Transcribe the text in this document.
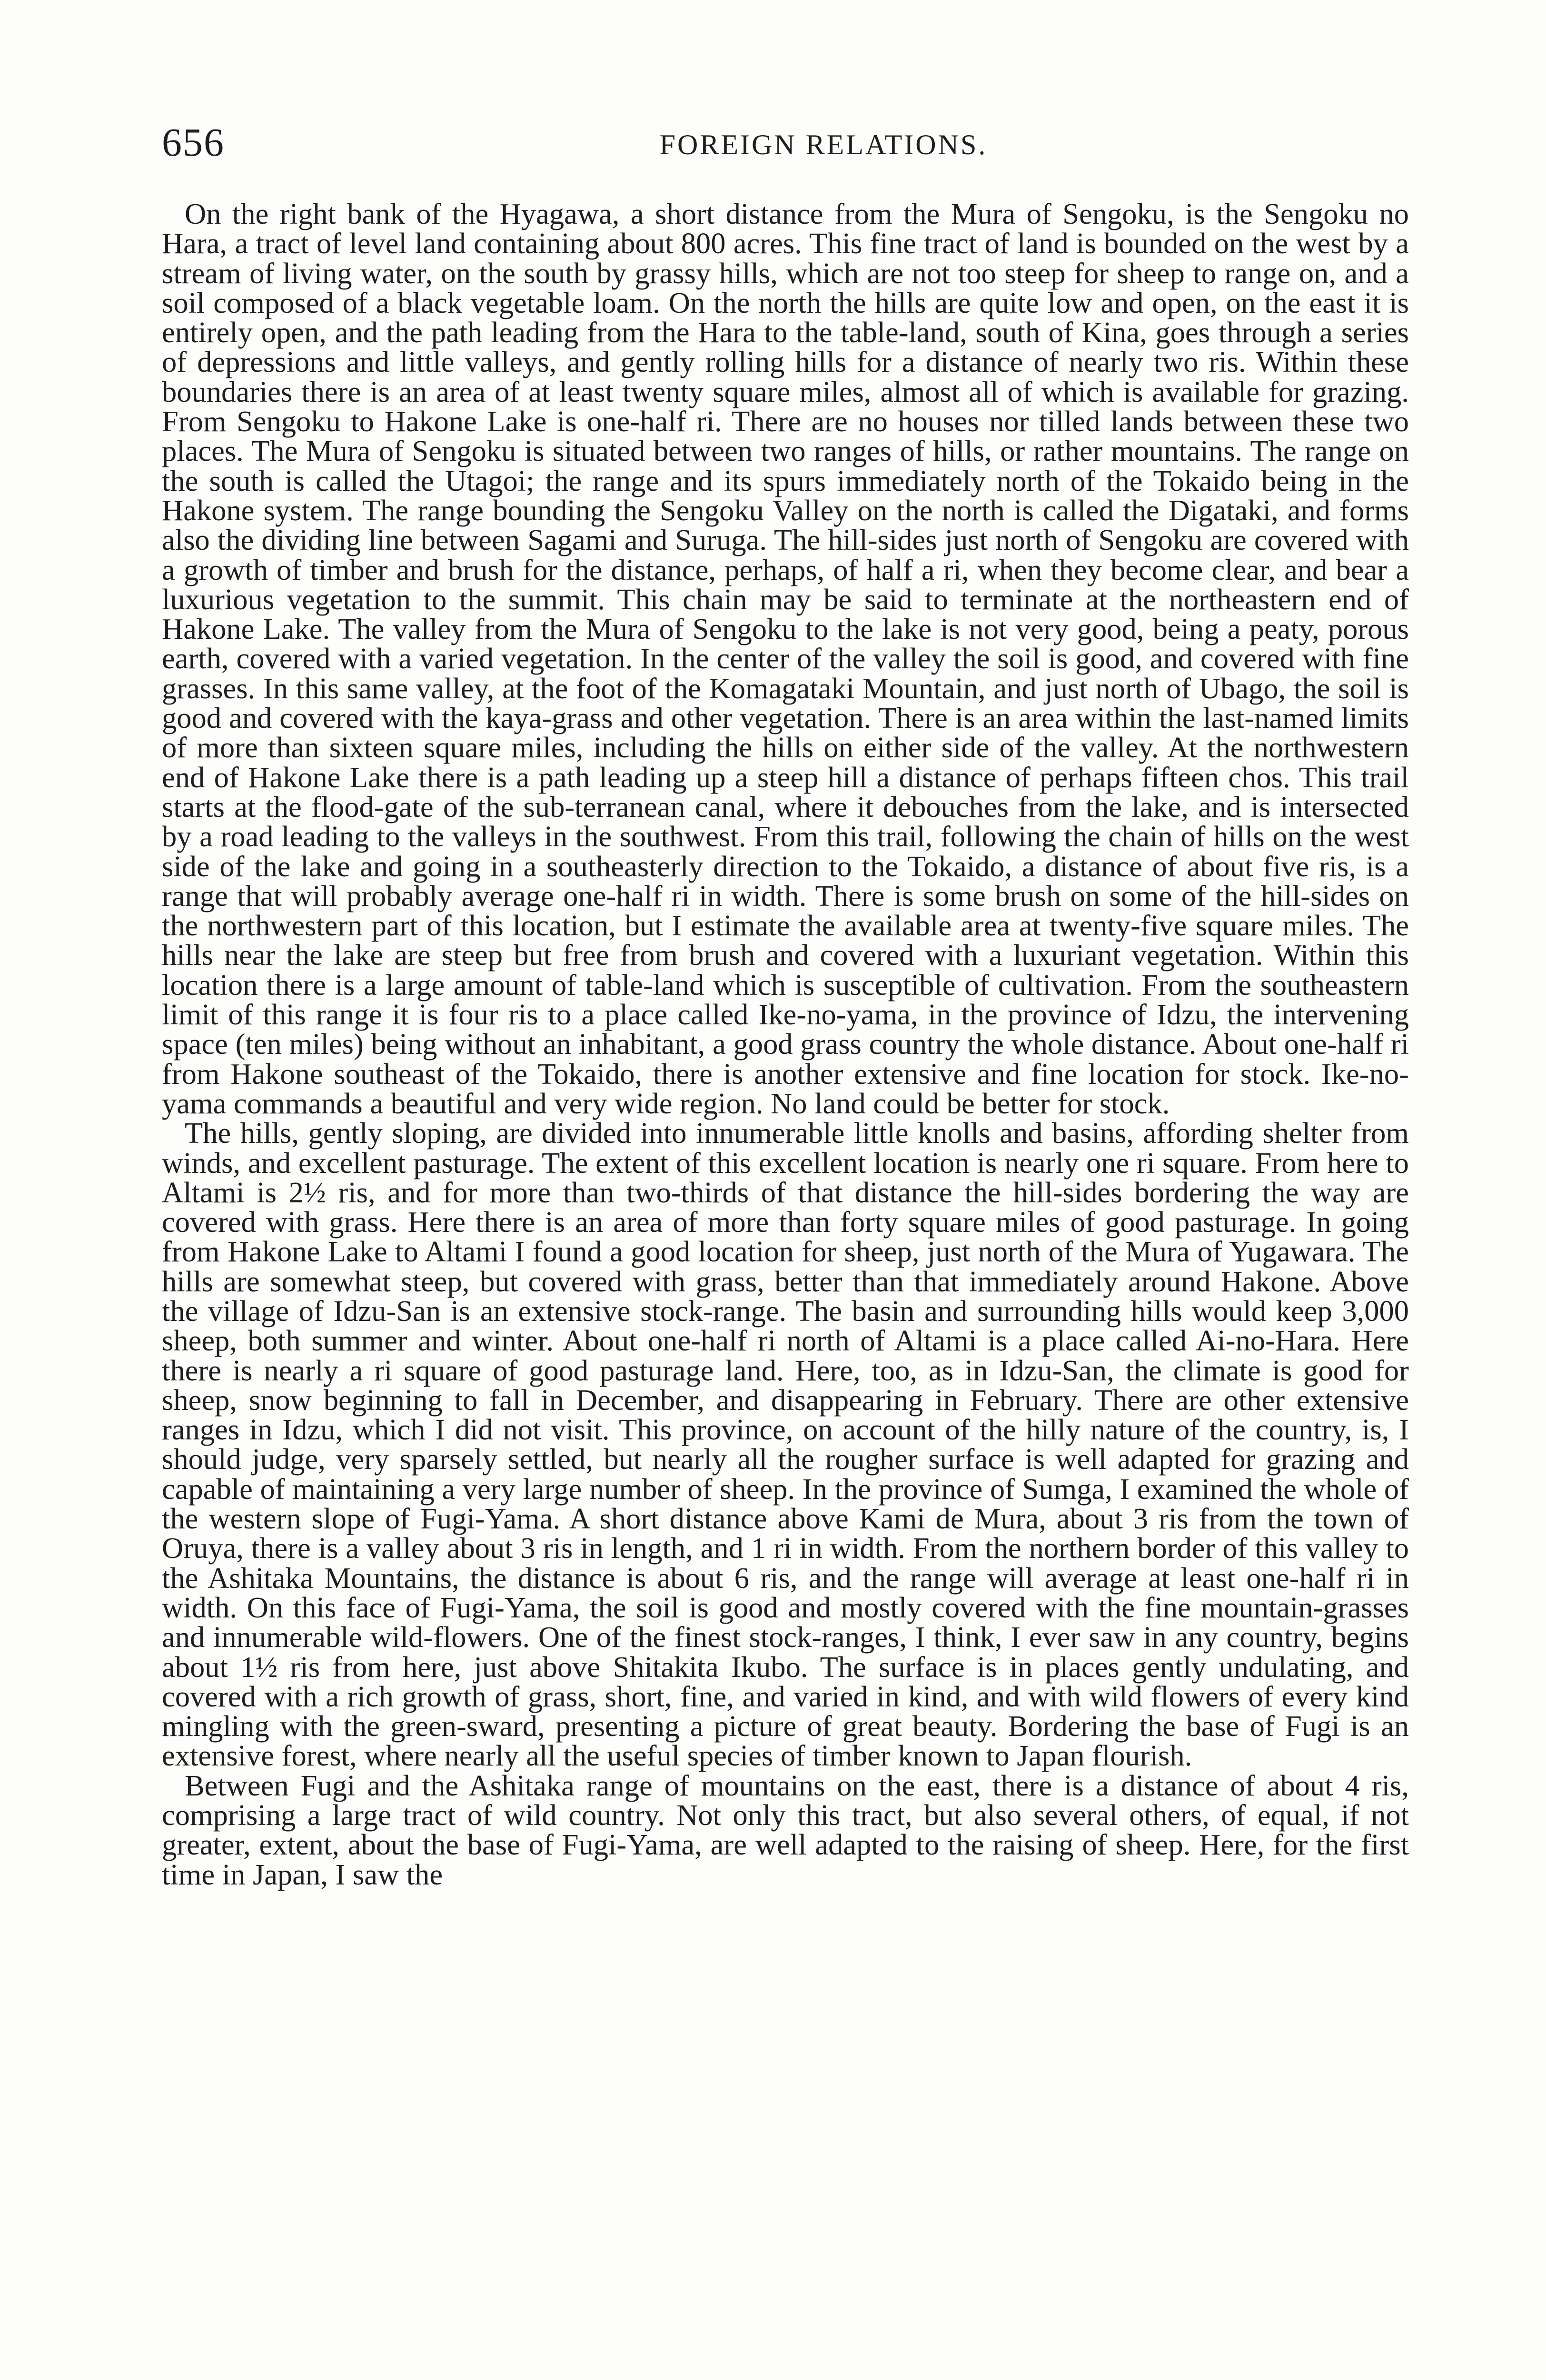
656	FOREIGN RELATIONS.

On the right bank of the Hyagawa, a short distance from the Mura of Sengoku, is the Sengoku no Hara, a tract of level land containing about 800 acres. This fine tract of land is bounded on the west by a stream of living water, on the south by grassy hills, which are not too steep for sheep to range on, and a soil composed of a black vegetable loam. On the north the hills are quite low and open, on the east it is entirely open, and the path leading from the Hara to the table-land, south of Kina, goes through a series of depressions and little valleys, and gently rolling hills for a distance of nearly two ris. Within these boundaries there is an area of at least twenty square miles, almost all of which is available for grazing. From Sengoku to Hakone Lake is one-half ri. There are no houses nor tilled lands between these two places. The Mura of Sengoku is situated between two ranges of hills, or rather mountains. The range on the south is called the Utagoi; the range and its spurs immediately north of the Tokaido being in the Hakone system. The range bounding the Sengoku Valley on the north is called the Digataki, and forms also the dividing line between Sagami and Suruga. The hill-sides just north of Sengoku are covered with a growth of timber and brush for the distance, perhaps, of half a ri, when they become clear, and bear a luxurious vegetation to the summit. This chain may be said to terminate at the northeastern end of Hakone Lake. The valley from the Mura of Sengoku to the lake is not very good, being a peaty, porous earth, covered with a varied vegetation. In the center of the valley the soil is good, and covered with fine grasses. In this same valley, at the foot of the Komagataki Mountain, and just north of Ubago, the soil is good and covered with the kaya-grass and other vegetation. There is an area within the last-named limits of more than sixteen square miles, including the hills on either side of the valley. At the northwestern end of Hakone Lake there is a path leading up a steep hill a distance of perhaps fifteen chos. This trail starts at the flood-gate of the sub-terranean canal, where it debouches from the lake, and is intersected by a road leading to the valleys in the southwest. From this trail, following the chain of hills on the west side of the lake and going in a southeasterly direction to the Tokaido, a distance of about five ris, is a range that will probably average one-half ri in width. There is some brush on some of the hill-sides on the northwestern part of this location, but I estimate the available area at twenty-five square miles. The hills near the lake are steep but free from brush and covered with a luxuriant vegetation. Within this location there is a large amount of table-land which is susceptible of cultivation. From the southeastern limit of this range it is four ris to a place called Ike-no-yama, in the province of Idzu, the intervening space (ten miles) being without an inhabitant, a good grass country the whole distance. About one-half ri from Hakone southeast of the Tokaido, there is another extensive and fine location for stock. Ike-no-yama commands a beautiful and very wide region. No land could be better for stock.

The hills, gently sloping, are divided into innumerable little knolls and basins, affording shelter from winds, and excellent pasturage. The extent of this excellent location is nearly one ri square. From here to Altami is 2½ ris, and for more than two-thirds of that distance the hill-sides bordering the way are covered with grass. Here there is an area of more than forty square miles of good pasturage. In going from Hakone Lake to Altami I found a good location for sheep, just north of the Mura of Yugawara. The hills are somewhat steep, but covered with grass, better than that immediately around Hakone. Above the village of Idzu-San is an extensive stock-range. The basin and surrounding hills would keep 3,000 sheep, both summer and winter. About one-half ri north of Altami is a place called Ai-no-Hara. Here there is nearly a ri square of good pasturage land. Here, too, as in Idzu-San, the climate is good for sheep, snow beginning to fall in December, and disappearing in February. There are other extensive ranges in Idzu, which I did not visit. This province, on account of the hilly nature of the country, is, I should judge, very sparsely settled, but nearly all the rougher surface is well adapted for grazing and capable of maintaining a very large number of sheep. In the province of Sumga, I examined the whole of the western slope of Fugi-Yama. A short distance above Kami de Mura, about 3 ris from the town of Oruya, there is a valley about 3 ris in length, and 1 ri in width. From the northern border of this valley to the Ashitaka Mountains, the distance is about 6 ris, and the range will average at least one-half ri in width. On this face of Fugi-Yama, the soil is good and mostly covered with the fine mountain-grasses and innumerable wild-flowers. One of the finest stock-ranges, I think, I ever saw in any country, begins about 1½ ris from here, just above Shitakita Ikubo. The surface is in places gently undulating, and covered with a rich growth of grass, short, fine, and varied in kind, and with wild flowers of every kind mingling with the green-sward, presenting a picture of great beauty. Bordering the base of Fugi is an extensive forest, where nearly all the useful species of timber known to Japan flourish.

Between Fugi and the Ashitaka range of mountains on the east, there is a distance of about 4 ris, comprising a large tract of wild country. Not only this tract, but also several others, of equal, if not greater, extent, about the base of Fugi-Yama, are well adapted to the raising of sheep. Here, for the first time in Japan, I saw the
